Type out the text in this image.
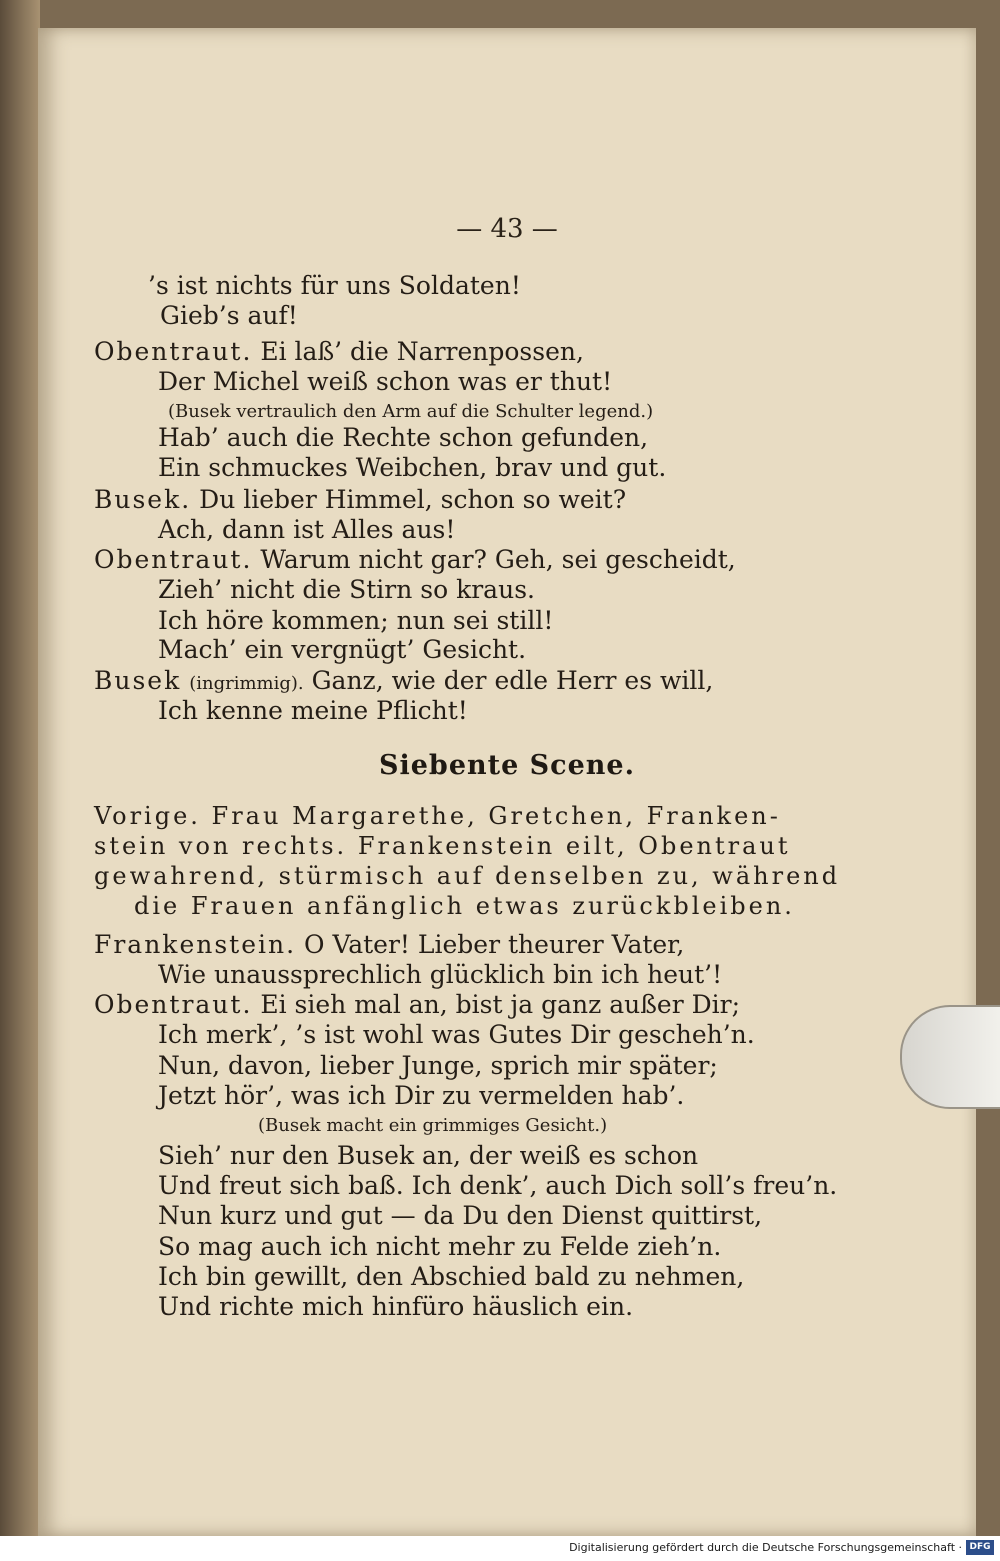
— 43 —
’s ist nichts für uns Soldaten!
Gieb’s auf!
Obentraut. Ei laß’ die Narrenpossen,
Der Michel weiß schon was er thut!
(Busek vertraulich den Arm auf die Schulter legend.)
Hab’ auch die Rechte schon gefunden,
Ein schmuckes Weibchen, brav und gut.
Busek. Du lieber Himmel, schon so weit?
Ach, dann ist Alles aus!
Obentraut. Warum nicht gar? Geh, sei gescheidt,
Zieh’ nicht die Stirn so kraus.
Ich höre kommen; nun sei still!
Mach’ ein vergnügt’ Gesicht.
Busek (ingrimmig). Ganz, wie der edle Herr es will,
Ich kenne meine Pflicht!
Siebente Scene.
Vorige. Frau Margarethe, Gretchen, Franken-
stein von rechts. Frankenstein eilt, Obentraut
gewahrend, stürmisch auf denselben zu, während
die Frauen anfänglich etwas zurückbleiben.
Frankenstein. O Vater! Lieber theurer Vater,
Wie unaussprechlich glücklich bin ich heut’!
Obentraut. Ei sieh mal an, bist ja ganz außer Dir;
Ich merk’, ’s ist wohl was Gutes Dir gescheh’n.
Nun, davon, lieber Junge, sprich mir später;
Jetzt hör’, was ich Dir zu vermelden hab’.
(Busek macht ein grimmiges Gesicht.)
Sieh’ nur den Busek an, der weiß es schon
Und freut sich baß. Ich denk’, auch Dich soll’s freu’n.
Nun kurz und gut — da Du den Dienst quittirst,
So mag auch ich nicht mehr zu Felde zieh’n.
Ich bin gewillt, den Abschied bald zu nehmen,
Und richte mich hinfüro häuslich ein.
Digitalisierung gefördert durch die Deutsche Forschungsgemeinschaft · DFG
